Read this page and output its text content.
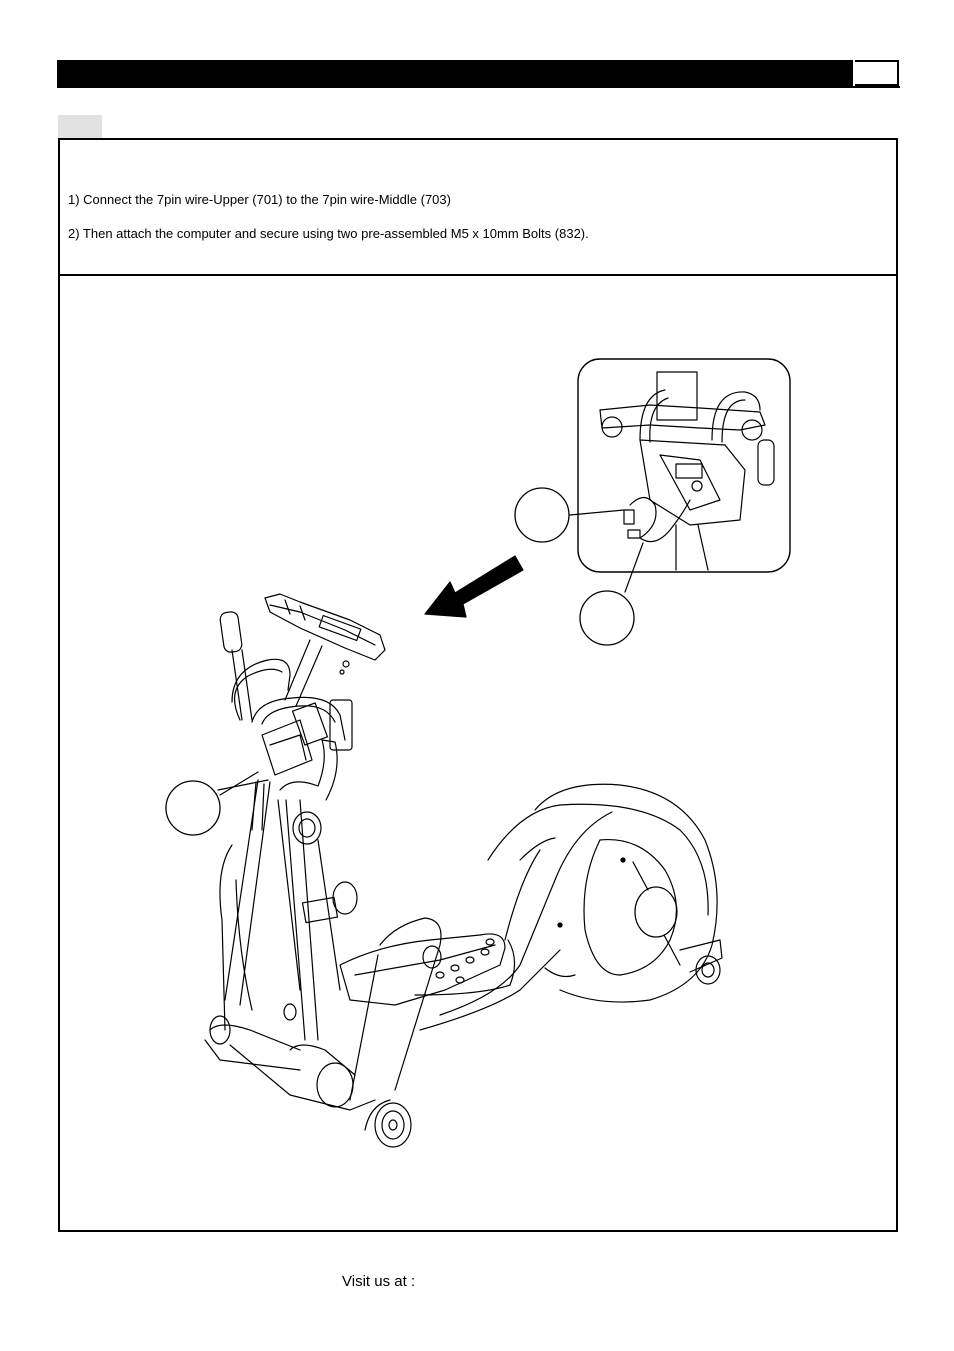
1) Connect the 7pin wire-Upper (701) to the 7pin wire-Middle (703)
2) Then attach the computer and secure using two pre-assembled M5 x 10mm Bolts (832).
Visit us at :
